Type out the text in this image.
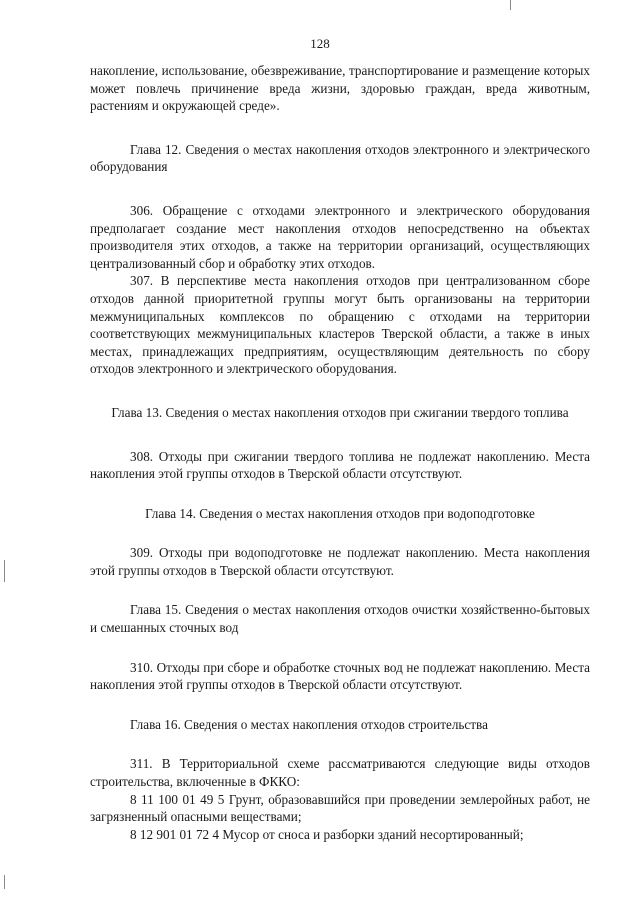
128

накопление, использование, обезвреживание, транспортирование и размещение которых может повлечь причинение вреда жизни, здоровью граждан, вреда животным, растениям и окружающей среде».

Глава 12. Сведения о местах накопления отходов электронного и электрического оборудования

306. Обращение с отходами электронного и электрического оборудования предполагает создание мест накопления отходов непосредственно на объектах производителя этих отходов, а также на территории организаций, осуществляющих централизованный сбор и обработку этих отходов.

307. В перспективе места накопления отходов при централизованном сборе отходов данной приоритетной группы могут быть организованы на территории межмуниципальных комплексов по обращению с отходами на территории соответствующих межмуниципальных кластеров Тверской области, а также в иных местах, принадлежащих предприятиям, осуществляющим деятельность по сбору отходов электронного и электрического оборудования.

Глава 13. Сведения о местах накопления отходов при сжигании твердого топлива

308. Отходы при сжигании твердого топлива не подлежат накоплению. Места накопления этой группы отходов в Тверской области отсутствуют.

Глава 14. Сведения о местах накопления отходов при водоподготовке

309. Отходы при водоподготовке не подлежат накоплению. Места накопления этой группы отходов в Тверской области отсутствуют.

Глава 15. Сведения о местах накопления отходов очистки хозяйственно-бытовых и смешанных сточных вод

310. Отходы при сборе и обработке сточных вод не подлежат накоплению. Места накопления этой группы отходов в Тверской области отсутствуют.

Глава 16. Сведения о местах накопления отходов строительства

311. В Территориальной схеме рассматриваются следующие виды отходов строительства, включенные в ФККО:

8 11 100 01 49 5 Грунт, образовавшийся при проведении землеройных работ, не загрязненный опасными веществами;

8 12 901 01 72 4 Мусор от сноса и разборки зданий несортированный;
